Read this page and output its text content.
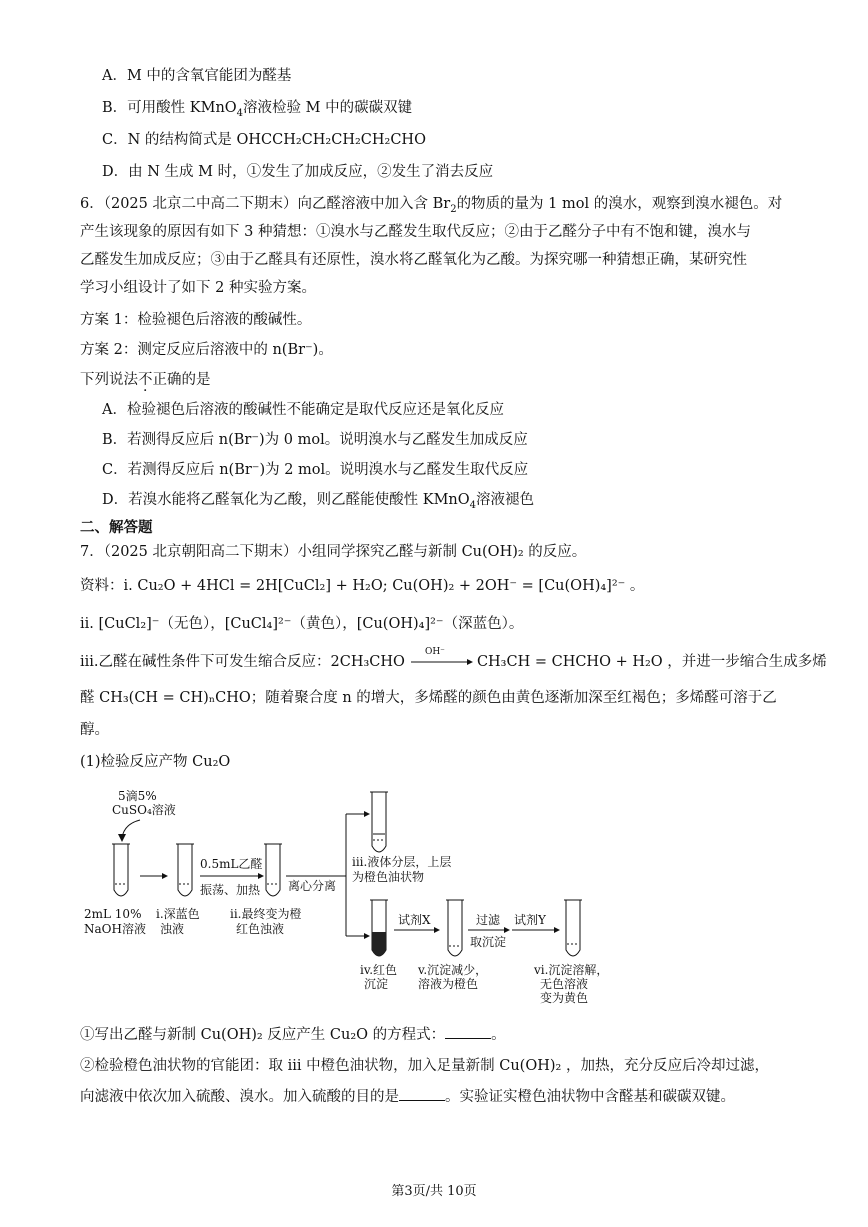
A．M 中的含氧官能团为醛基
B．可用酸性 KMnO$_4$溶液检验 M 中的碳碳双键
C．N 的结构简式是 OHCCH₂CH₂CH₂CH₂CHO
D．由 N 生成 M 时，①发生了加成反应，②发生了消去反应
6．（2025 北京二中高二下期末）向乙醛溶液中加入含 $Br_2$的物质的量为 1 mol 的溴水，观察到溴水褪色。对
产生该现象的原因有如下 3 种猜想：①溴水与乙醛发生取代反应；②由于乙醛分子中有不饱和键，溴水与
乙醛发生加成反应；③由于乙醛具有还原性，溴水将乙醛氧化为乙酸。为探究哪一种猜想正确，某研究性
学习小组设计了如下 2 种实验方案。
方案 1：检验褪色后溶液的酸碱性。
方案 2：测定反应后溶液中的 n(Br⁻)。
下列说法不正确的是
A．检验褪色后溶液的酸碱性不能确定是取代反应还是氧化反应
B．若测得反应后 n(Br⁻)为 0 mol。说明溴水与乙醛发生加成反应
C．若测得反应后 n(Br⁻)为 2 mol。说明溴水与乙醛发生取代反应
D．若溴水能将乙醛氧化为乙酸，则乙醛能使酸性 KMnO$_4$溶液褪色
二、解答题
7．（2025 北京朝阳高二下期末）小组同学探究乙醛与新制 Cu(OH)₂ 的反应。
资料：i. Cu₂O + 4HCl = 2H[CuCl₂] + H₂O; Cu(OH)₂ + 2OH⁻ = [Cu(OH)₄]²⁻ 。
ii. [CuCl₂]⁻（无色），[CuCl₄]²⁻（黄色），[Cu(OH)₄]²⁻（深蓝色）。
iii.乙醛在碱性条件下可发生缩合反应：2CH₃CHO
OH⁻
CH₃CH = CHCHO + H₂O ，并进一步缩合生成多烯
醛 CH₃(CH = CH)ₙCHO；随着聚合度 n 的增大，多烯醛的颜色由黄色逐渐加深至红褐色；多烯醛可溶于乙
醇。
(1)检验反应产物 Cu₂O
5滴5%
CuSO₄溶液
2mL 10%
NaOH溶液
i.深蓝色
浊液
0.5mL乙醛
振荡、加热
ii.最终变为橙
红色浊液
离心分离
iii.液体分层，上层
为橙色油状物
iv.红色
沉淀
试剂X
v.沉淀减少，
溶液为橙色
过滤
取沉淀
试剂Y
vi.沉淀溶解，
无色溶液
变为黄色
①写出乙醛与新制 Cu(OH)₂ 反应产生 Cu₂O 的方程式：	。
②检验橙色油状物的官能团：取 iii 中橙色油状物，加入足量新制 Cu(OH)₂ ，加热，充分反应后冷却过滤，
向滤液中依次加入硫酸、溴水。加入硫酸的目的是	。实验证实橙色油状物中含醛基和碳碳双键。
第3页/共 10页
